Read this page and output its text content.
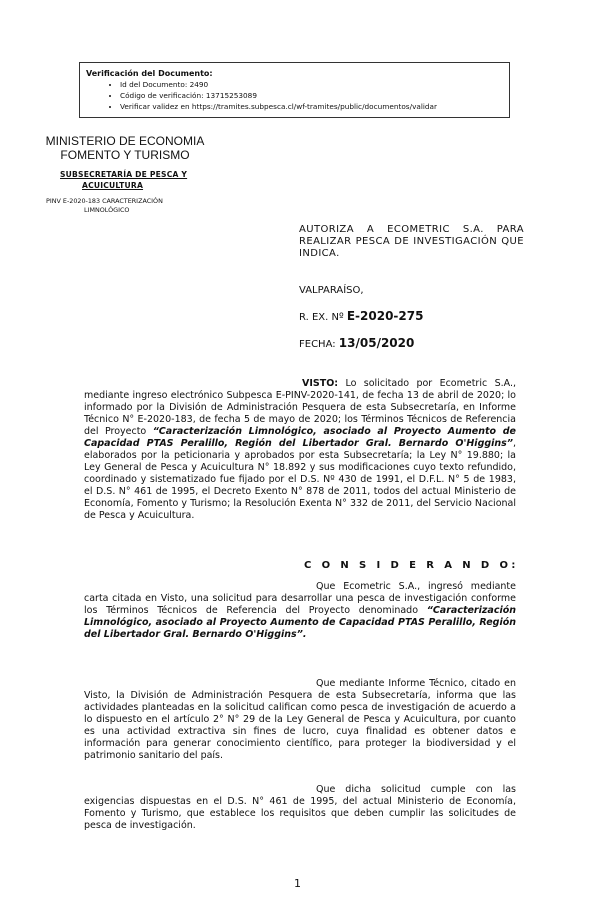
Verificación del Documento:
• Id del Documento: 2490
• Código de verificación: 13715253089
• Verificar validez en https://tramites.subpesca.cl/wf-tramites/public/documentos/validar
MINISTERIO DE ECONOMIA
FOMENTO Y TURISMO
SUBSECRETARÍA DE PESCA Y
ACUICULTURA
PINV E-2020-183 CARACTERIZACIÓN
LIMNOLÓGICO
AUTORIZA A ECOMETRIC S.A. PARA REALIZAR PESCA DE INVESTIGACIÓN QUE INDICA.
VALPARAÍSO,
R. EX. Nº E-2020-275
FECHA: 13/05/2020
VISTO: Lo solicitado por Ecometric S.A., mediante ingreso electrónico Subpesca E-PINV-2020-141, de fecha 13 de abril de 2020; lo informado por la División de Administración Pesquera de esta Subsecretaría, en Informe Técnico N° E-2020-183, de fecha 5 de mayo de 2020; los Términos Técnicos de Referencia del Proyecto “Caracterización Limnológico, asociado al Proyecto Aumento de Capacidad PTAS Peralillo, Región del Libertador Gral. Bernardo O'Higgins”, elaborados por la peticionaria y aprobados por esta Subsecretaría; la Ley N° 19.880; la Ley General de Pesca y Acuicultura N° 18.892 y sus modificaciones cuyo texto refundido, coordinado y sistematizado fue fijado por el D.S. Nº 430 de 1991, el D.F.L. N° 5 de 1983, el D.S. N° 461 de 1995, el Decreto Exento N° 878 de 2011, todos del actual Ministerio de Economía, Fomento y Turismo; la Resolución Exenta N° 332 de 2011, del Servicio Nacional de Pesca y Acuicultura.
C O N S I D E R A N D O:
Que Ecometric S.A., ingresó mediante carta citada en Visto, una solicitud para desarrollar una pesca de investigación conforme los Términos Técnicos de Referencia del Proyecto denominado “Caracterización Limnológico, asociado al Proyecto Aumento de Capacidad PTAS Peralillo, Región del Libertador Gral. Bernardo O'Higgins”.
Que mediante Informe Técnico, citado en Visto, la División de Administración Pesquera de esta Subsecretaría, informa que las actividades planteadas en la solicitud califican como pesca de investigación de acuerdo a lo dispuesto en el artículo 2° N° 29 de la Ley General de Pesca y Acuicultura, por cuanto es una actividad extractiva sin fines de lucro, cuya finalidad es obtener datos e información para generar conocimiento científico, para proteger la biodiversidad y el patrimonio sanitario del país.
Que dicha solicitud cumple con las exigencias dispuestas en el D.S. N° 461 de 1995, del actual Ministerio de Economía, Fomento y Turismo, que establece los requisitos que deben cumplir las solicitudes de pesca de investigación.
1
